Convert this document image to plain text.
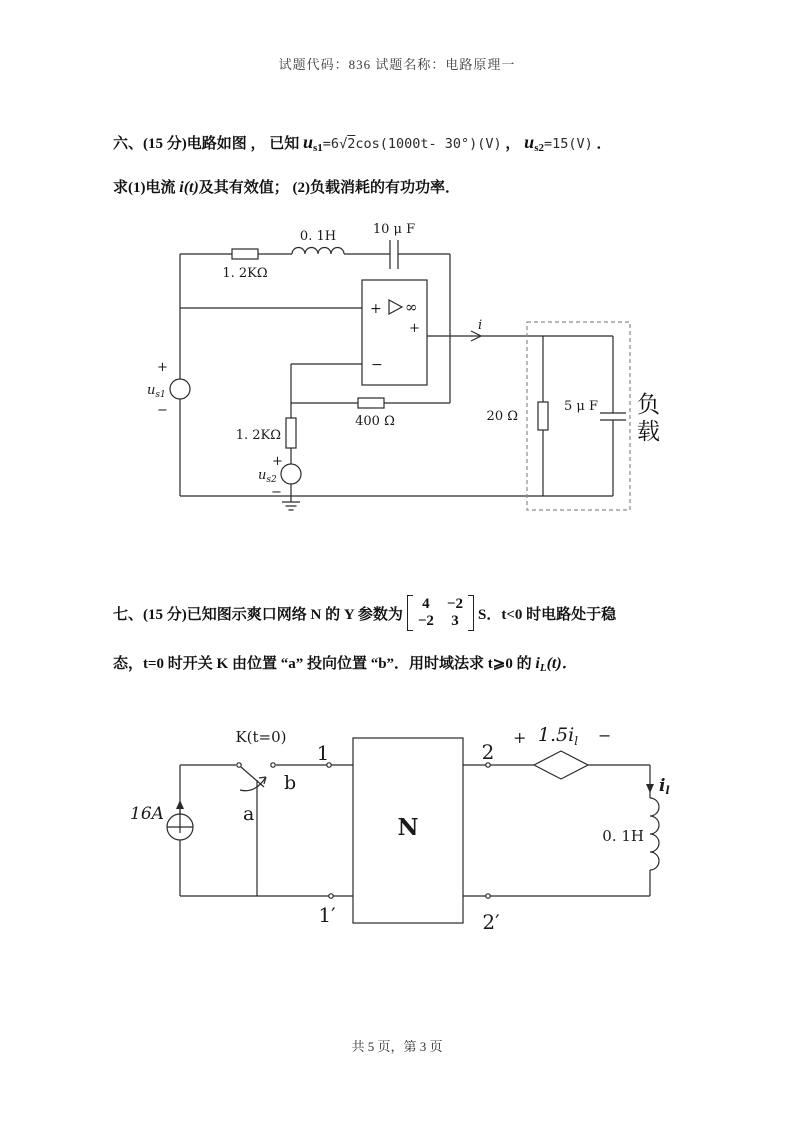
试题代码：836 试题名称：电路原理一
六、(15 分)电路如图 ， 已知 us1=6√2cos(1000t- 30°)(V) ， us2=15(V) ．
求(1)电流 i(t)及其有效值； (2)负载消耗的有功功率．
+ ∞
+
−
1. 2KΩ
0. 1H	10 μ F
400 Ω
1. 2KΩ
+
$u_{s1}$
−
+
$u_{s2}$
−
i
20 Ω
5 μ F 负载
七、(15 分)已知图示爽口网络 N 的 Y 参数为
4 −2
−2 3 S．t<0 时电路处于稳
态，t=0 时开关 K 由位置 “a” 投向位置 “b”．用时域法求 t⩾0 的 iL(t)．
K(t=0)
1	2
1′	2′
N
b
a
16A
+ $1.5i_l$ −
il
0. 1H
共 5 页，第 3 页
